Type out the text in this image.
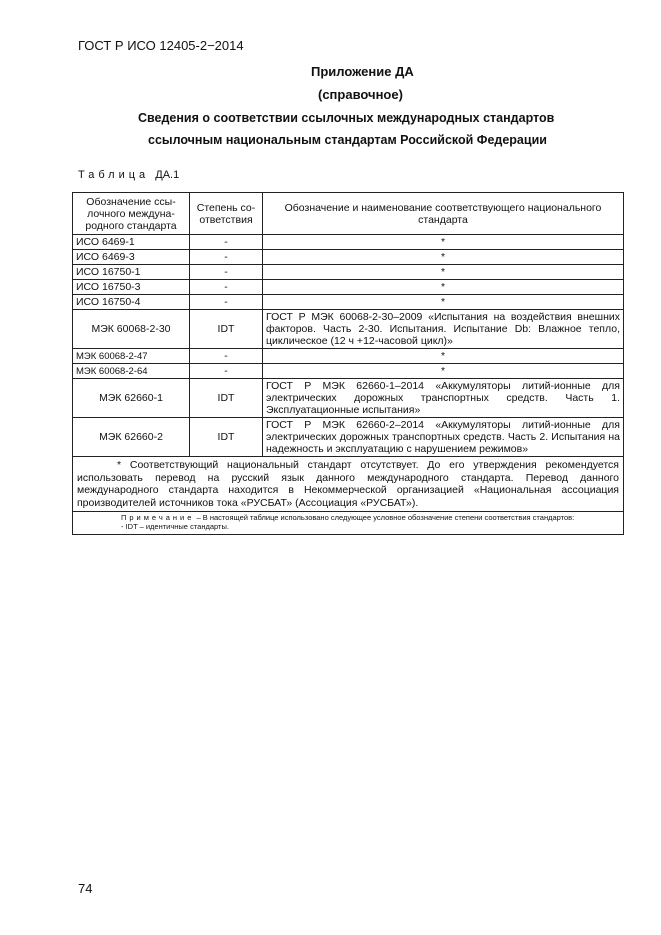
ГОСТ Р ИСО 12405-2−2014
Приложение ДА
(справочное)
Сведения о соответствии ссылочных международных стандартов
ссылочным национальным стандартам Российской Федерации
Таблица ДА.1
Обозначение ссы-лочного междуна-родного стандарта	Степень со-ответствия	Обозначение и наименование соответствующего национального стандарта
ИСО 6469-1	-	*
ИСО 6469-3	-	*
ИСО 16750-1	-	*
ИСО 16750-3	-	*
ИСО 16750-4	-	*
МЭК 60068-2-30	IDT	ГОСТ Р МЭК 60068-2-30–2009 «Испытания на воздействия внешних факторов. Часть 2-30. Испытания. Испытание Db: Влажное тепло, циклическое (12 ч +12-часовой цикл)»
МЭК 60068-2-47	-	*
МЭК 60068-2-64	-	*
МЭК 62660-1	IDT	ГОСТ Р МЭК 62660-1–2014 «Аккумуляторы литий-ионные для электрических дорожных транспортных средств. Часть 1. Эксплуатационные испытания»
МЭК 62660-2	IDT	ГОСТ Р МЭК 62660-2–2014 «Аккумуляторы литий-ионные для электрических дорожных транспортных средств. Часть 2. Испытания на надежность и эксплуатацию с нарушением режимов»
* Соответствующий национальный стандарт отсутствует. До его утверждения рекомендуется использовать перевод на русский язык данного международного стандарта. Перевод данного международного стандарта находится в Некоммерческой организацией «Национальная ассоциация производителей источников тока «РУСБАТ» (Ассоциация «РУСБАТ»).		
Примечание – В настоящей таблице использовано следующее условное обозначение степени соответствия стандартов:
- IDT – идентичные стандарты.		
74
